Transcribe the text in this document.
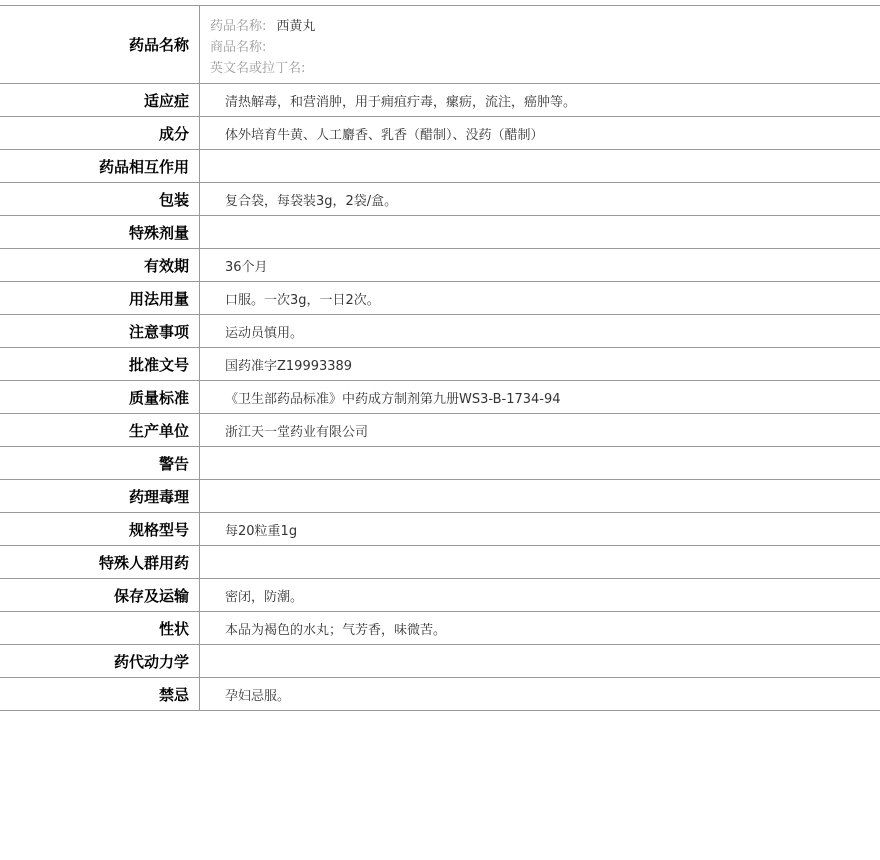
药品名称
药品名称: 西黄丸
商品名称:
英文名或拉丁名:
适应症	清热解毒，和营消肿，用于痈疽疔毒，瘰疬，流注，癌肿等。
成分	体外培育牛黄、人工麝香、乳香（醋制）、没药（醋制）
药品相互作用
包装	复合袋，每袋装3g，2袋/盒。
特殊剂量
有效期	36个月
用法用量	口服。一次3g，一日2次。
注意事项	运动员慎用。
批准文号	国药准字Z19993389
质量标准	《卫生部药品标准》中药成方制剂第九册WS3-B-1734-94
生产单位	浙江天一堂药业有限公司
警告
药理毒理
规格型号	每20粒重1g
特殊人群用药
保存及运输	密闭，防潮。
性状	本品为褐色的水丸；气芳香，味微苦。
药代动力学
禁忌	孕妇忌服。
